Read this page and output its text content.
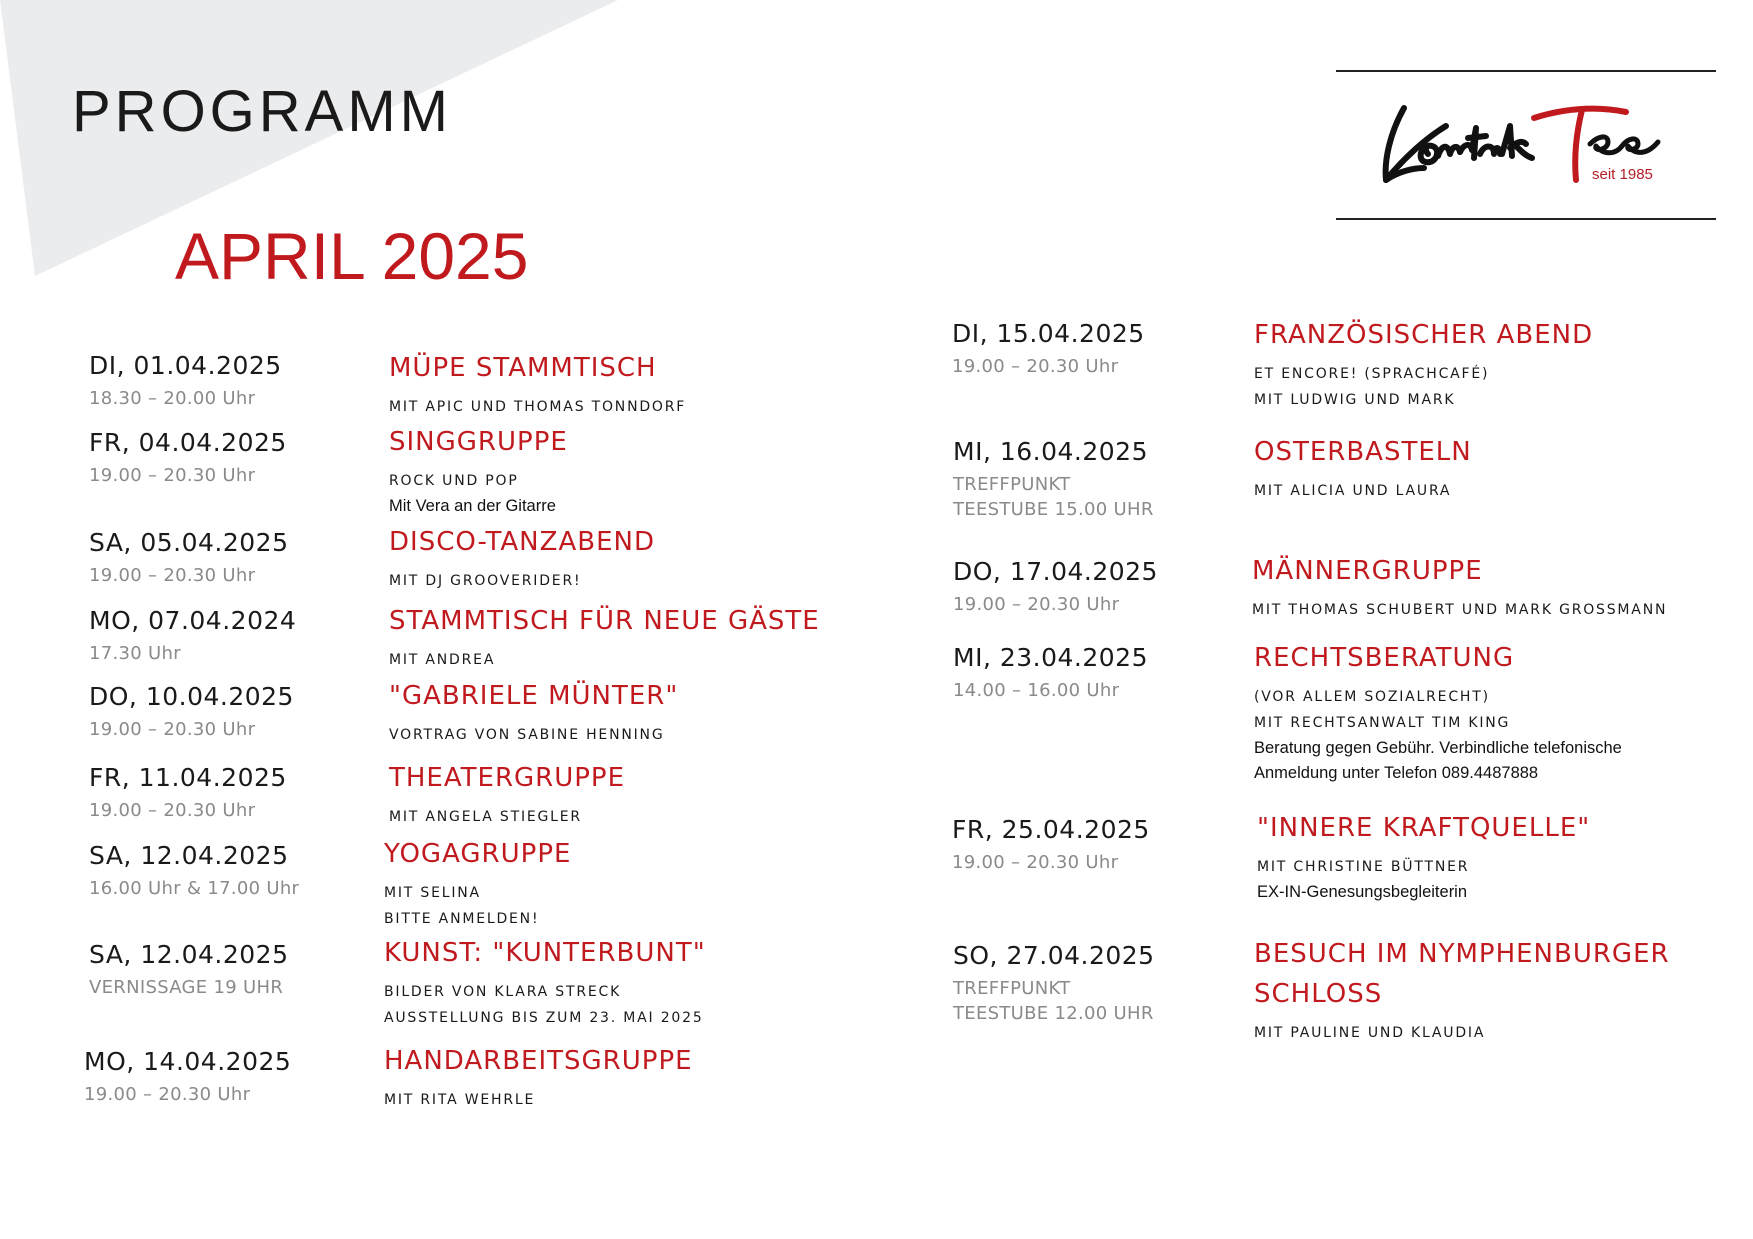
PROGRAMM
APRIL 2025
seit 1985
DI, 01.04.2025
18.30 – 20.00 Uhr
MÜPE STAMMTISCH
MIT APIC UND THOMAS TONNDORF
FR, 04.04.2025
19.00 – 20.30 Uhr
SINGGRUPPE
ROCK UND POP
Mit Vera an der Gitarre
SA, 05.04.2025
19.00 – 20.30 Uhr
DISCO-TANZABEND
MIT DJ GROOVERIDER!
MO, 07.04.2024
17.30 Uhr
STAMMTISCH FÜR NEUE GÄSTE
MIT ANDREA
DO, 10.04.2025
19.00 – 20.30 Uhr
"GABRIELE MÜNTER"
VORTRAG VON SABINE HENNING
FR, 11.04.2025
19.00 – 20.30 Uhr
THEATERGRUPPE
MIT ANGELA STIEGLER
SA, 12.04.2025
16.00 Uhr & 17.00 Uhr
YOGAGRUPPE
MIT SELINA
BITTE ANMELDEN!
SA, 12.04.2025
VERNISSAGE 19 UHR
KUNST: "KUNTERBUNT"
BILDER VON KLARA STRECK
AUSSTELLUNG BIS ZUM 23. MAI 2025
MO, 14.04.2025
19.00 – 20.30 Uhr
HANDARBEITSGRUPPE
MIT RITA WEHRLE
DI, 15.04.2025
19.00 – 20.30 Uhr
FRANZÖSISCHER ABEND
ET ENCORE! (SPRACHCAFÉ)
MIT LUDWIG UND MARK
MI, 16.04.2025
TREFFPUNKT
TEESTUBE 15.00 UHR
OSTERBASTELN
MIT ALICIA UND LAURA
DO, 17.04.2025
19.00 – 20.30 Uhr
MÄNNERGRUPPE
MIT THOMAS SCHUBERT UND MARK GROSSMANN
MI, 23.04.2025
14.00 – 16.00 Uhr
RECHTSBERATUNG
(VOR ALLEM SOZIALRECHT)
MIT RECHTSANWALT TIM KING
Beratung gegen Gebühr. Verbindliche telefonische
Anmeldung unter Telefon 089.4487888
FR, 25.04.2025
19.00 – 20.30 Uhr
"INNERE KRAFTQUELLE"
MIT CHRISTINE BÜTTNER
EX-IN-Genesungsbegleiterin
SO, 27.04.2025
TREFFPUNKT
TEESTUBE 12.00 UHR
BESUCH IM NYMPHENBURGER
SCHLOSS
MIT PAULINE UND KLAUDIA
